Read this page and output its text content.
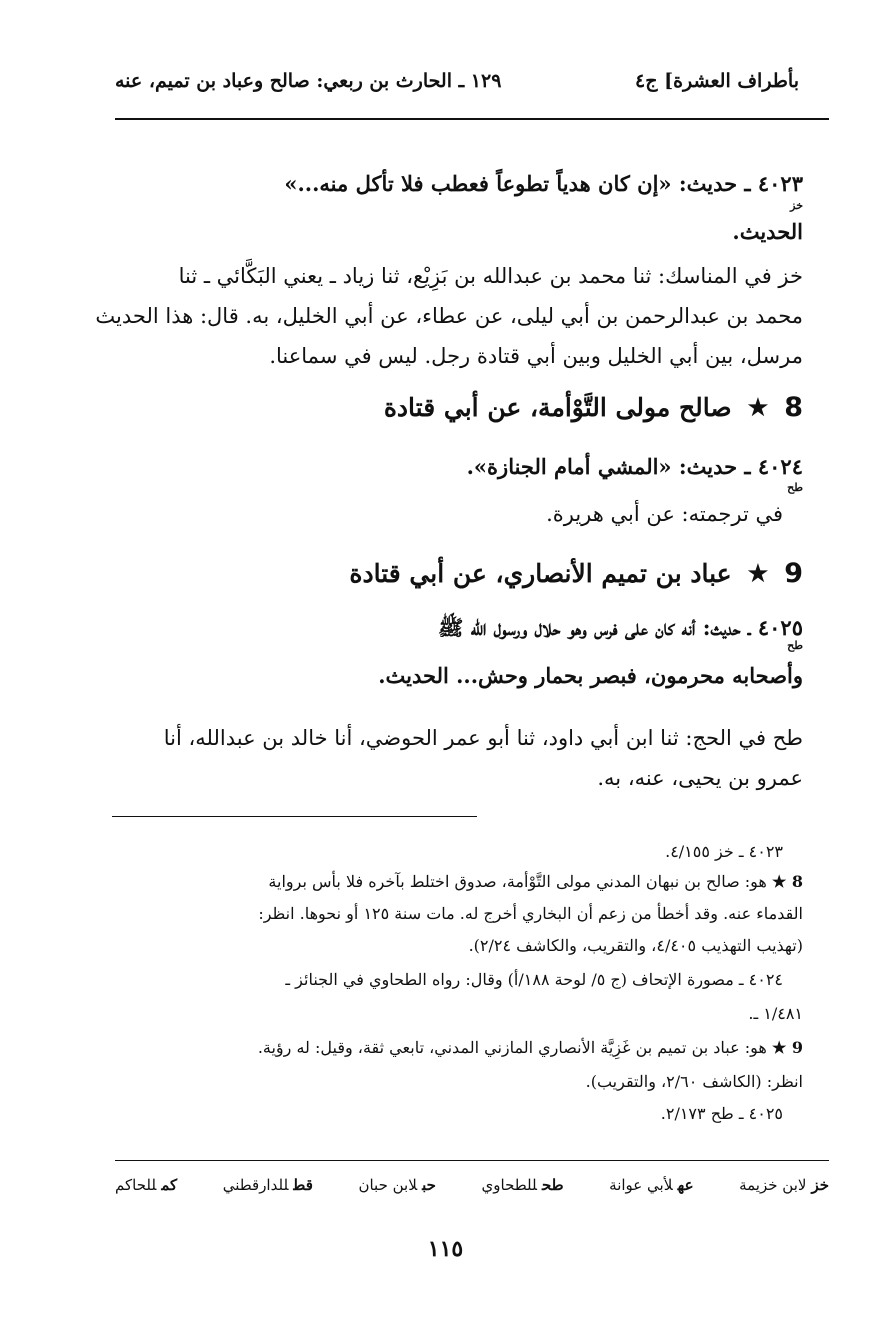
بأطراف العشرة] ج٤
١٢٩ ـ الحارث بن ربعي: صالح وعباد بن تميم، عنه
٤٠٢٣ ـ حديث: «إن كان هدياً تطوعاً فعطب فلا تأكل منه...»
خز
الحديث.
خز في المناسك: ثنا محمد بن عبدالله بن بَزِيْع، ثنا زياد ـ يعني البَكَّائي ـ ثنا
محمد بن عبدالرحمن بن أبي ليلى، عن عطاء، عن أبي الخليل، به. قال: هذا الحديث
مرسل، بين أبي الخليل وبين أبي قتادة رجل. ليس في سماعنا.
8
★
صالح مولى التَّوْأمة، عن أبي قتادة
٤٠٢٤ ـ حديث: «المشي أمام الجنازة».
طح
في ترجمته: عن أبي هريرة.
9
★
عباد بن تميم الأنصاري، عن أبي قتادة
٤٠٢٥ ـ حديث: أنه كان على فرس وهو حلال ورسول الله ﷺ
طح
وأصحابه محرمون، فبصر بحمار وحش... الحديث.
طح في الحج: ثنا ابن أبي داود، ثنا أبو عمر الحوضي، أنا خالد بن عبدالله، أنا
عمرو بن يحيى، عنه، به.
٤٠٢٣ ـ خز ٤/١٥٥.
8 ★ هو: صالح بن نبهان المدني مولى التَّوْأمة، صدوق اختلط بآخره فلا بأس برواية
القدماء عنه. وقد أخطأ من زعم أن البخاري أخرج له. مات سنة ١٢٥ أو نحوها. انظر:
(تهذيب التهذيب ٤/٤٠٥، والتقريب، والكاشف ٢/٢٤).
٤٠٢٤ ـ مصورة الإتحاف (ج ٥/ لوحة ١٨٨/أ) وقال: رواه الطحاوي في الجنائز ـ
١/٤٨١ ـ.
9 ★ هو: عباد بن تميم بن غَزِيَّة الأنصاري المازني المدني، تابعي ثقة، وقيل: له رؤية.
انظر: (الكاشف ٢/٦٠، والتقريب).
٤٠٢٥ ـ طح ٢/١٧٣.
خزلابن خزيمة
عهلأبي عوانة
طحللطحاوي
حبلابن حبان
قطللدارقطني
كمللحاكم
١١٥
